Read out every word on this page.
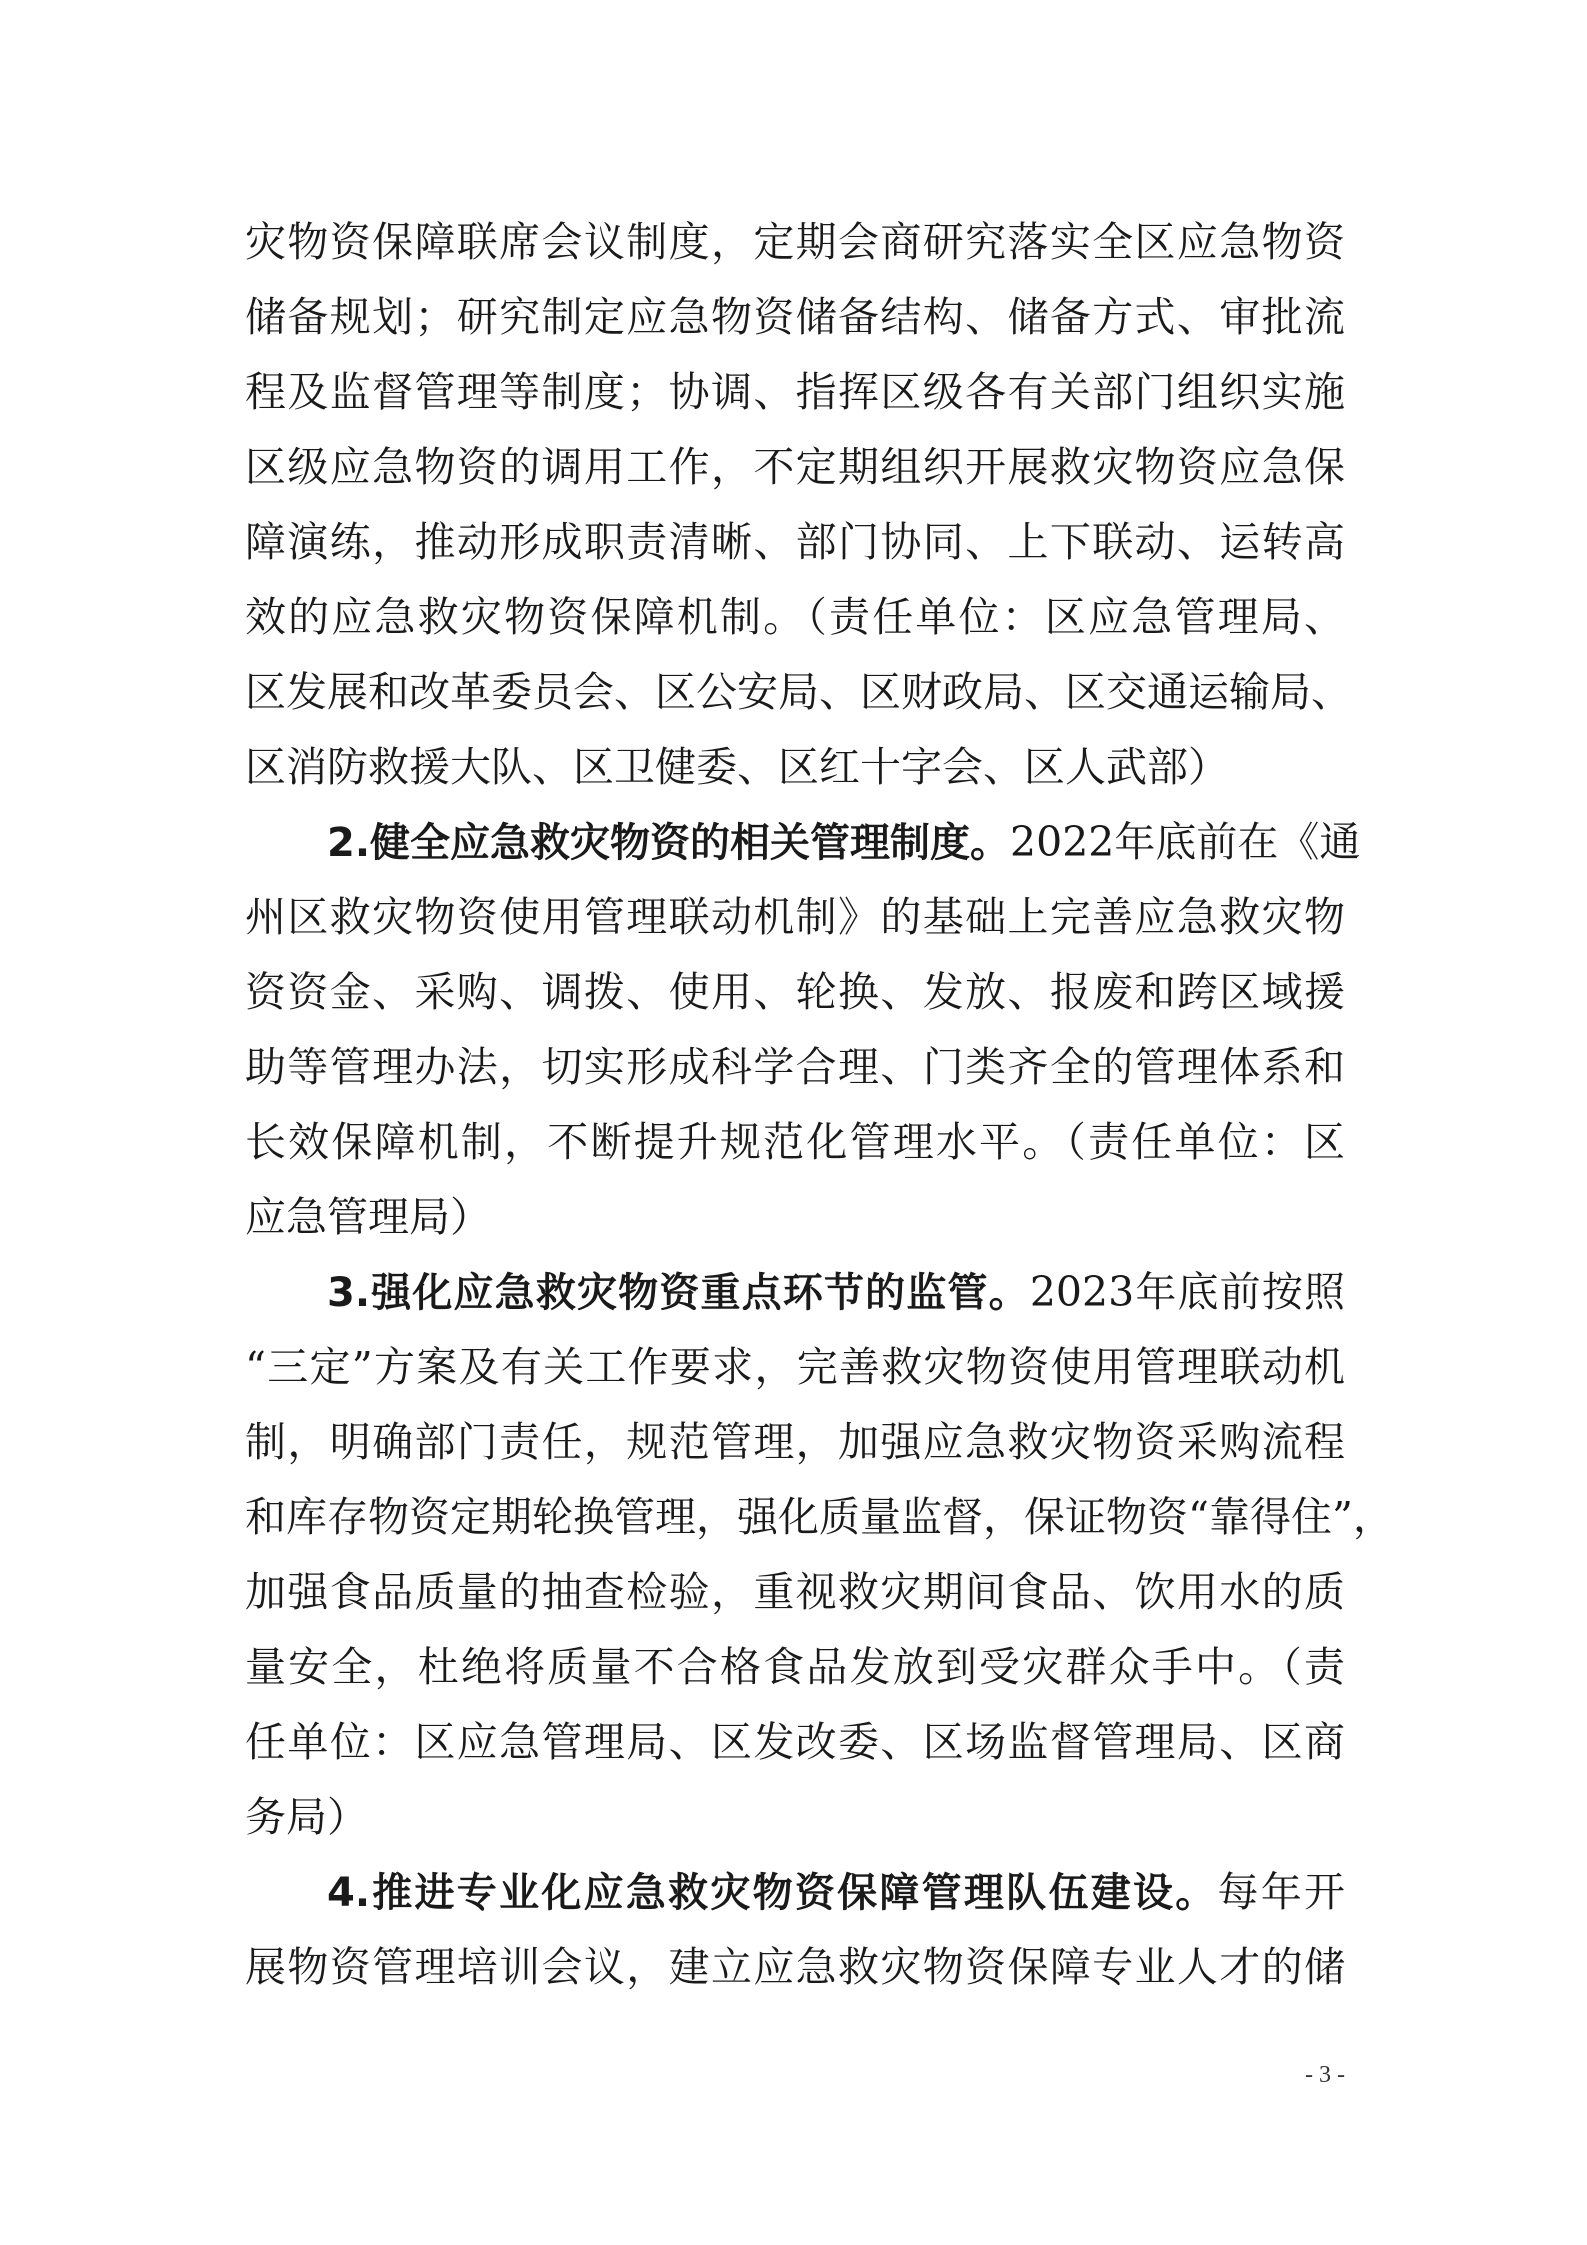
灾物资保障联席会议制度，定期会商研究落实全区应急物资
储备规划；研究制定应急物资储备结构、储备方式、审批流
程及监督管理等制度；协调、指挥区级各有关部门组织实施
区级应急物资的调用工作，不定期组织开展救灾物资应急保
障演练，推动形成职责清晰、部门协同、上下联动、运转高
效的应急救灾物资保障机制。（责任单位：区应急管理局、
区发展和改革委员会、区公安局、区财政局、区交通运输局、
区消防救援大队、区卫健委、区红十字会、区人武部）
2.健全应急救灾物资的相关管理制度。2022年底前在《通
州区救灾物资使用管理联动机制》的基础上完善应急救灾物
资资金、采购、调拨、使用、轮换、发放、报废和跨区域援
助等管理办法，切实形成科学合理、门类齐全的管理体系和
长效保障机制，不断提升规范化管理水平。（责任单位：区
应急管理局）
3.强化应急救灾物资重点环节的监管。2023年底前按照
“三定”方案及有关工作要求，完善救灾物资使用管理联动机
制，明确部门责任，规范管理，加强应急救灾物资采购流程
和库存物资定期轮换管理，强化质量监督，保证物资“靠得住”，
加强食品质量的抽查检验，重视救灾期间食品、饮用水的质
量安全，杜绝将质量不合格食品发放到受灾群众手中。（责
任单位：区应急管理局、区发改委、区场监督管理局、区商
务局）
4.推进专业化应急救灾物资保障管理队伍建设。每年开
展物资管理培训会议，建立应急救灾物资保障专业人才的储
- 3 -
